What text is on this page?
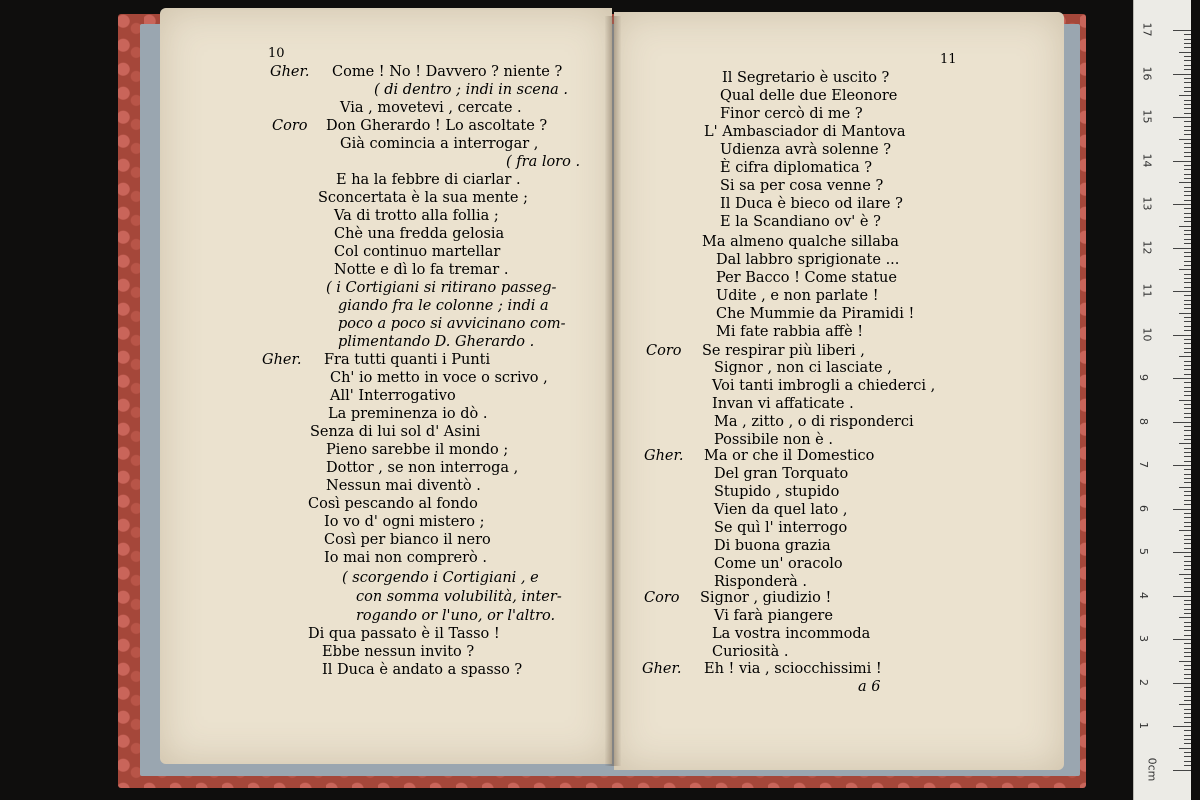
Come ! No ! Davvero ? niente ?
( di dentro ; indi in scena .
Via , movetevi , cercate .
Don Gherardo ! Lo ascoltate ?
Già comincia a interrogar ,
( fra loro .
E ha la febbre di ciarlar .
Sconcertata è la sua mente ;
Va di trotto alla follia ;
Chè una fredda gelosia
Col continuo martellar
Notte e dì lo fa tremar .
( i Cortigiani si ritirano passeg-
giando fra le colonne ; indi a
poco a poco si avvicinano com-
plimentando D. Gherardo .
Fra tutti quanti i Punti
Ch' io metto in voce o scrivo ,
All' Interrogativo
La preminenza io dò .
Senza di lui sol d' Asini
Pieno sarebbe il mondo ;
Dottor , se non interroga ,
Nessun mai diventò .
Così pescando al fondo
Io vo d' ogni mistero ;
Così per bianco il nero
Io mai non comprerò .
( scorgendo i Cortigiani , e
con somma volubilità, inter-
rogando or l'uno, or l'altro.
Di qua passato è il Tasso !
Ebbe nessun invito ?
Il Duca è andato a spasso ?
Gher.
Coro
Gher.
Il Segretario è uscito ?
Qual delle due Eleonore
Finor cercò di me ?
L' Ambasciador di Mantova
Udienza avrà solenne ?
È cifra diplomatica ?
Si sa per cosa venne ?
Il Duca è bieco od ilare ?
E la Scandiano ov' è ?
Ma almeno qualche sillaba
Dal labbro sprigionate ...
Per Bacco ! Come statue
Udite , e non parlate !
Che Mummie da Piramidi !
Mi fate rabbia affè !
Se respirar più liberi ,
Signor , non ci lasciate ,
Voi tanti imbrogli a chiederci ,
Invan vi affaticate .
Ma , zitto , o di risponderci
Possibile non è .
Ma or che il Domestico
Del gran Torquato
Stupido , stupido
Vien da quel lato ,
Se quì l' interrogo
Di buona grazia
Come un' oracolo
Risponderà .
Signor , giudizio !
Vi farà piangere
La vostra incommoda
Curiosità .
Eh ! via , sciocchissimi !
Coro
Gher.
Coro
Gher.
10	11
a 6
17
16
15
14
13
12
11
10
9
8
7
6
5
4
3
2
1
0cm
